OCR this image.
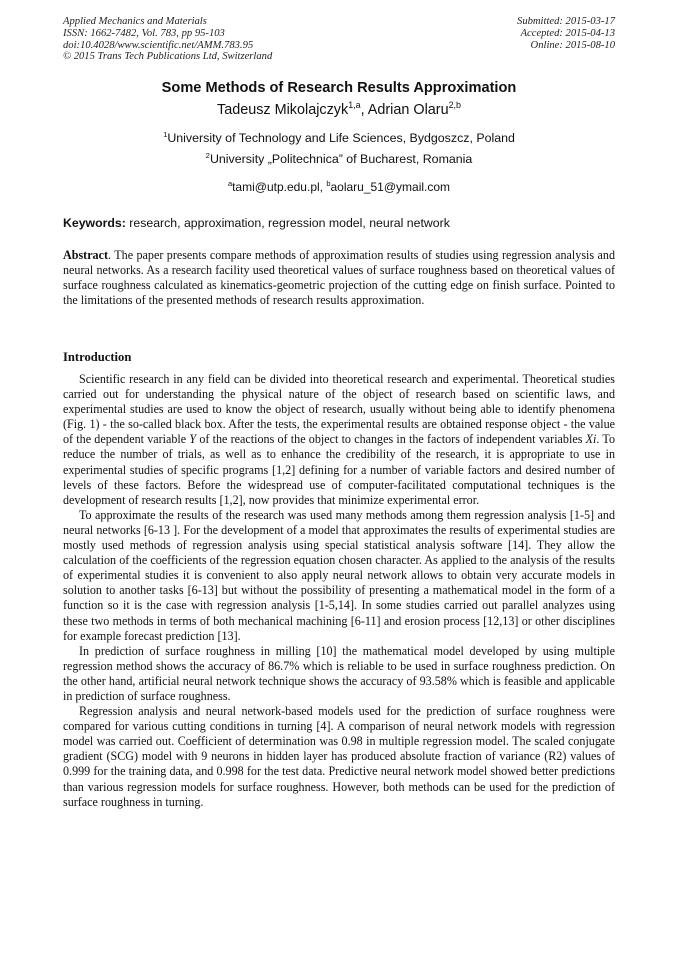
Applied Mechanics and Materials
ISSN: 1662-7482, Vol. 783, pp 95-103
doi:10.4028/www.scientific.net/AMM.783.95
© 2015 Trans Tech Publications Ltd, Switzerland
Submitted: 2015-03-17
Accepted: 2015-04-13
Online: 2015-08-10
Some Methods of Research Results Approximation
Tadeusz Mikolajczyk$^{1,a}$, Adrian Olaru$^{2,b}$
$^1$University of Technology and Life Sciences, Bydgoszcz, Poland
$^2$University „Politechnica” of Bucharest, Romania
$^a$tami@utp.edu.pl, $^b$aolaru_51@ymail.com
Keywords: research, approximation, regression model, neural network
Abstract. The paper presents compare methods of approximation results of studies using regression analysis and neural networks. As a research facility used theoretical values of surface roughness based on theoretical values of surface roughness calculated as kinematics-geometric projection of the cutting edge on finish surface. Pointed to the limitations of the presented methods of research results approximation.
Introduction

Scientific research in any field can be divided into theoretical research and experimental. Theoretical studies carried out for understanding the physical nature of the object of research based on scientific laws, and experimental studies are used to know the object of research, usually without being able to identify phenomena (Fig. 1) - the so-called black box. After the tests, the experimental results are obtained response object - the value of the dependent variable Y of the reactions of the object to changes in the factors of independent variables Xi. To reduce the number of trials, as well as to enhance the credibility of the research, it is appropriate to use in experimental studies of specific programs [1,2] defining for a number of variable factors and desired number of levels of these factors. Before the widespread use of computer-facilitated computational techniques is the development of research results [1,2], now provides that minimize experimental error.

To approximate the results of the research was used many methods among them regression analysis [1-5] and neural networks [6-13 ]. For the development of a model that approximates the results of experimental studies are mostly used methods of regression analysis using special statistical analysis software [14]. They allow the calculation of the coefficients of the regression equation chosen character. As applied to the analysis of the results of experimental studies it is convenient to also apply neural network allows to obtain very accurate models in solution to another tasks [6-13] but without the possibility of presenting a mathematical model in the form of a function so it is the case with regression analysis [1-5,14]. In some studies carried out parallel analyzes using these two methods in terms of both mechanical machining [6-11] and erosion process [12,13] or other disciplines for example forecast prediction [13].

In prediction of surface roughness in milling [10] the mathematical model developed by using multiple regression method shows the accuracy of 86.7% which is reliable to be used in surface roughness prediction. On the other hand, artificial neural network technique shows the accuracy of 93.58% which is feasible and applicable in prediction of surface roughness.

Regression analysis and neural network-based models used for the prediction of surface roughness were compared for various cutting conditions in turning [4]. A comparison of neural network models with regression model was carried out. Coefficient of determination was 0.98 in multiple regression model. The scaled conjugate gradient (SCG) model with 9 neurons in hidden layer has produced absolute fraction of variance (R2) values of 0.999 for the training data, and 0.998 for the test data. Predictive neural network model showed better predictions than various regression models for surface roughness. However, both methods can be used for the prediction of surface roughness in turning.
